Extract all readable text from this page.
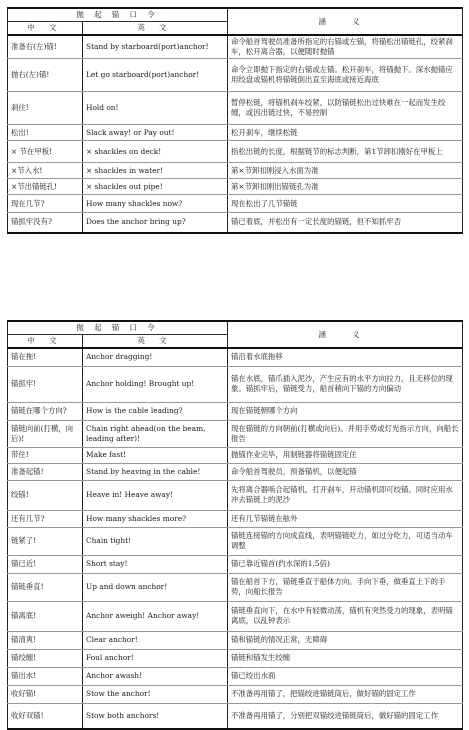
抛 起 锚 口 令		涵 义
中 文	英 文	
准备右(左)锚!	Stand by starboard(port)anchor!	命令船首驾驶员准备所指定的右锚或左锚，将锚松出锚链孔，绞紧刹车，松开离合器，以便随时抛锚
抛右(左)锚!	Let go starboard(port)anchor!	命令立即抛下指定的右锚或左锚。松开刹车，将锚抛下。深水抛锚应用绞盘或锚机将锚链倒出直至海底或接近海底
刹住!	Hold on!	暂停松链，将锚机刹车绞紧，以防锚链松出过快难在一起而发生绞缠，或因出链过快，不易控制
松出!	Slack away! or Pay out!	松开刹车，继续松链
× 节在甲板!	× shackles on deck!	指松出链的长度，根据链节的标志判断，第1节卸扣刚好在甲板上
×节入水!	× shackles in water!	第×节卸扣刚浸入水面为准
×节出锚链孔!	× shackles out pipe!	第×节卸扣刚出锚链孔为准
现在几节?	How many shackles now?	现在松出了几节锚链
锚抓牢没有?	Does the anchor bring up?	锚已着底，并松出有一定长度的锚链，但不知抓牢否
抛 起 锚 口 令		涵 义
中 文	英 文	
锚在拖!	Anchor dragging!	锚沿着水底拖移
锚抓牢!	Anchor holding! Brought up!	锚在水底，锚爪插入泥沙，产生应有的水平方向拉力，且无移位的现象。锚抓牢后，锚链受力，船首稍向下锚的方向偏动
锚链在哪个方向?	How is the cable leading?	现在锚链朝哪个方向
锚链向前(打横，向后)!	Chain right ahead(on the beam, leading after)!	现在锚链的方向朝前(打横或向后)。并用手势或灯光指示方向，向船长报告
带住!	Make fast!	抛锚作业完毕，用制链器将锚链固定住
准备起锚!	Stand by heaving in the cable!	命令船首驾驶员，预备锚机，以便起锚
绞锚!	Heave in! Heave away!	先将离合器啮合起锚机，打开刹车，开动锚机即可绞锚。同时应用水冲去锚链上的泥沙
还有几节?	How many shackles more?	还有几节锚链在舷外
链紧了!	Chain tight!	锚链连接锚的方向成直线，表明锚链吃力，如过分吃力，可适当动车调整
锚已近!	Short stay!	锚已靠近锚首(约水深的1.5倍)
锚链垂直!	Up and down anchor!	锚在船首下方，锚链垂直于船体方向。手向下垂，做垂直上下的手势，向船长报告
锚离底!	Anchor aweigh! Anchor away!	锚链垂直向下，在水中有轻微动荡，锚机有突然受力的现象，表明锚离底，以乱钟表示
锚清爽!	Clear anchor!	锚和锚链的情况正常，无障碍
锚绞缠!	Foul anchor!	锚链和锚发生绞缠
锚出水!	Anchor awash!	锚已绞出水面
收好锚!	Stow the anchor!	不准备再用锚了，把锚绞进锚链筒后，做好锚的固定工作
收好双锚!	Stow both anchors!	不准备再用锚了，分别把双锚绞进锚链筒后，做好锚的固定工作
